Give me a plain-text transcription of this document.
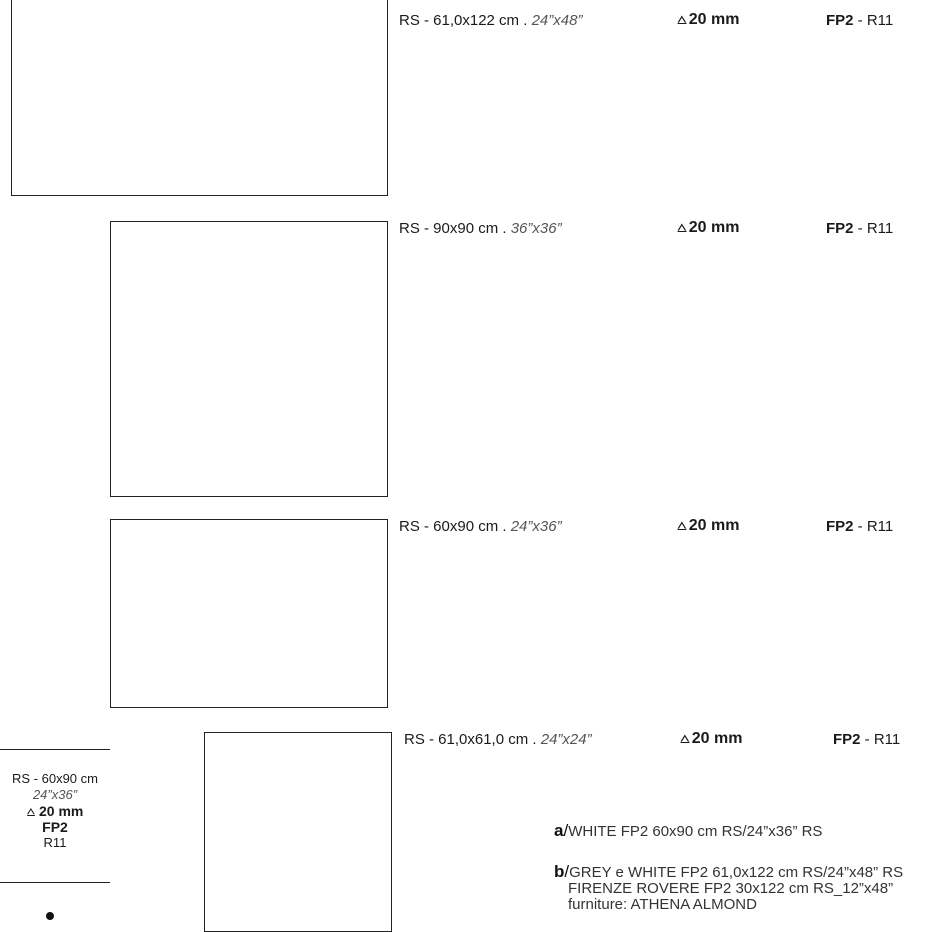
RS - 61,0x122 cm . 24”x48”	⩟ 20 mm	FP2 - R11
RS - 90x90 cm . 36”x36”	⩟ 20 mm	FP2 - R11
RS - 60x90 cm . 24”x36”	⩟ 20 mm	FP2 - R11
RS - 61,0x61,0 cm . 24”x24”	⩟ 20 mm	FP2 - R11
RS - 60x90 cm
24”x36”
⩟ 20 mm
FP2
R11
a/WHITE FP2 60x90 cm RS/24”x36” RS
b/GREY e WHITE FP2 61,0x122 cm RS/24”x48” RS
FIRENZE ROVERE FP2 30x122 cm RS_12”x48”
furniture: ATHENA ALMOND
